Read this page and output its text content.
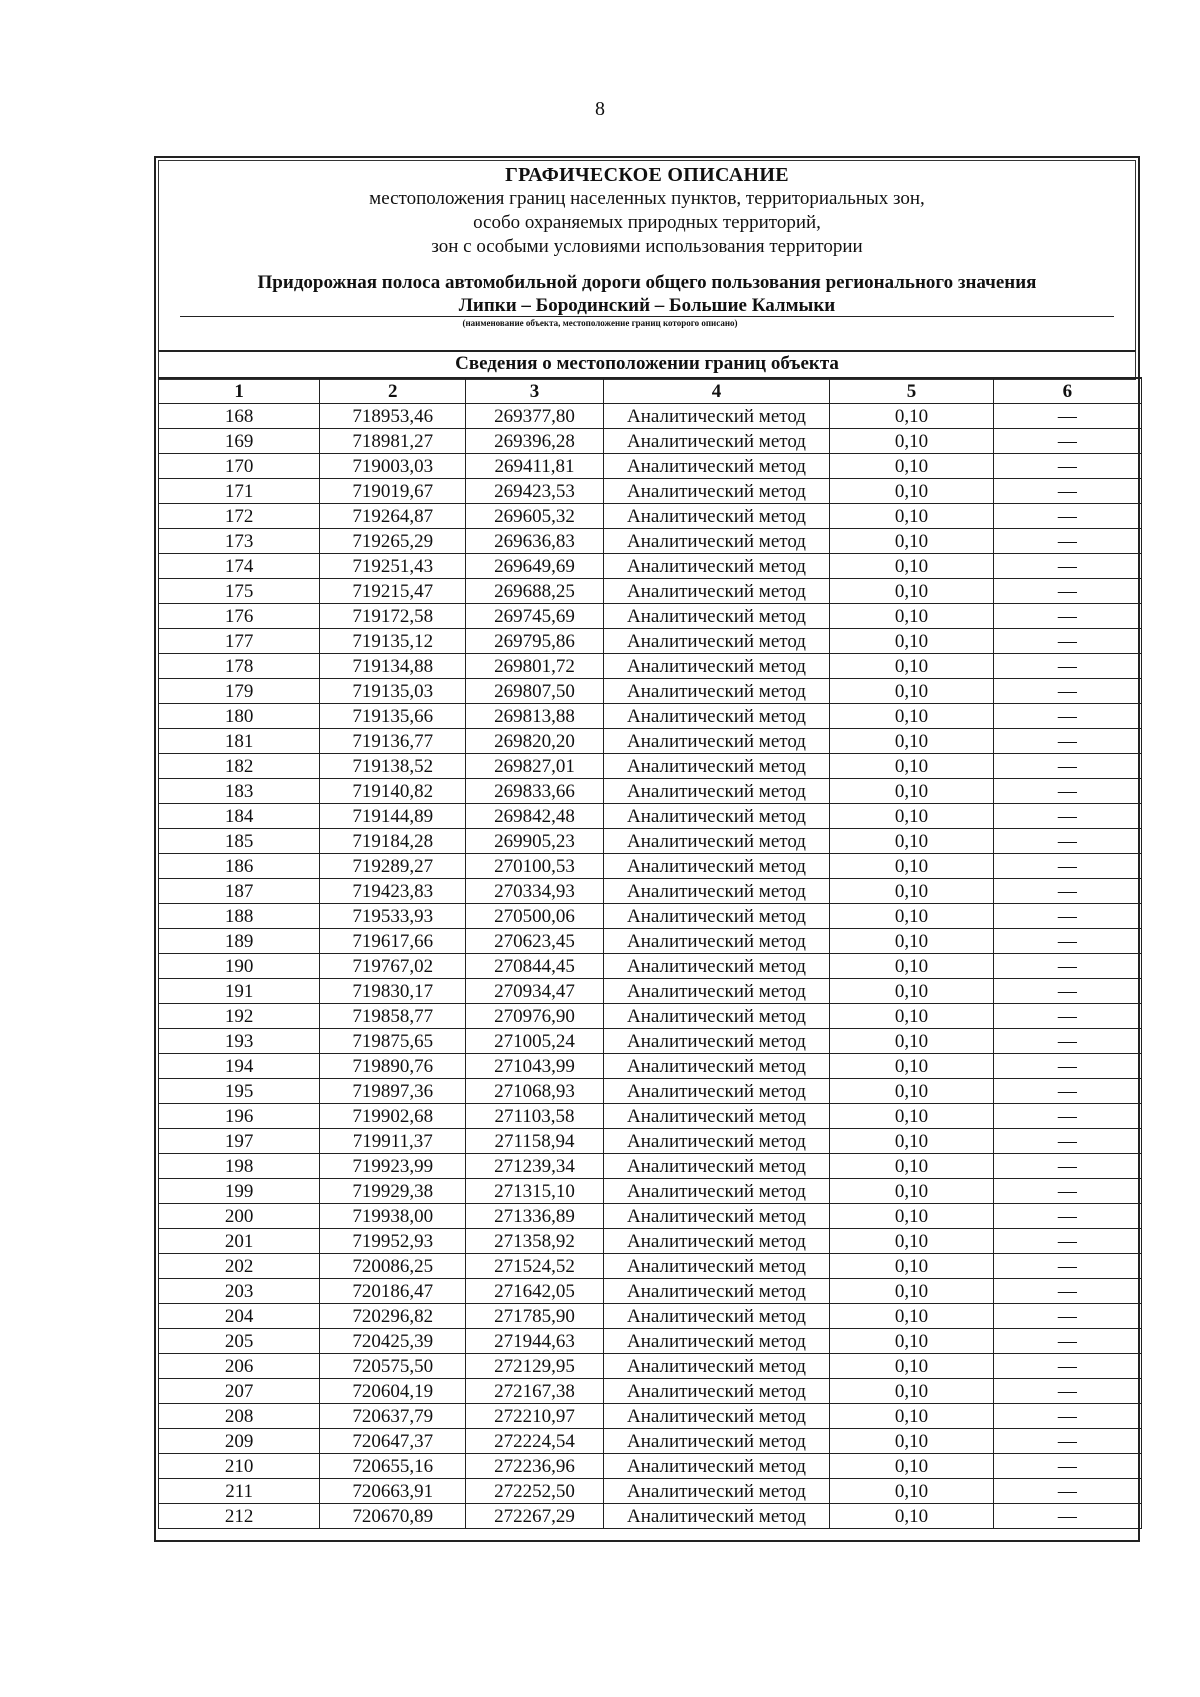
8
ГРАФИЧЕСКОЕ ОПИСАНИЕ
местоположения границ населенных пунктов, территориальных зон,
особо охраняемых природных территорий,
зон с особыми условиями использования территории
Придорожная полоса автомобильной дороги общего пользования регионального значения
Липки – Бородинский – Большие Калмыки
(наименование объекта, местоположение границ которого описано)
Сведения о местоположении границ объекта
1	2	3	4	5	6
168	718953,46	269377,80	Аналитический метод	0,10	—
169	718981,27	269396,28	Аналитический метод	0,10	—
170	719003,03	269411,81	Аналитический метод	0,10	—
171	719019,67	269423,53	Аналитический метод	0,10	—
172	719264,87	269605,32	Аналитический метод	0,10	—
173	719265,29	269636,83	Аналитический метод	0,10	—
174	719251,43	269649,69	Аналитический метод	0,10	—
175	719215,47	269688,25	Аналитический метод	0,10	—
176	719172,58	269745,69	Аналитический метод	0,10	—
177	719135,12	269795,86	Аналитический метод	0,10	—
178	719134,88	269801,72	Аналитический метод	0,10	—
179	719135,03	269807,50	Аналитический метод	0,10	—
180	719135,66	269813,88	Аналитический метод	0,10	—
181	719136,77	269820,20	Аналитический метод	0,10	—
182	719138,52	269827,01	Аналитический метод	0,10	—
183	719140,82	269833,66	Аналитический метод	0,10	—
184	719144,89	269842,48	Аналитический метод	0,10	—
185	719184,28	269905,23	Аналитический метод	0,10	—
186	719289,27	270100,53	Аналитический метод	0,10	—
187	719423,83	270334,93	Аналитический метод	0,10	—
188	719533,93	270500,06	Аналитический метод	0,10	—
189	719617,66	270623,45	Аналитический метод	0,10	—
190	719767,02	270844,45	Аналитический метод	0,10	—
191	719830,17	270934,47	Аналитический метод	0,10	—
192	719858,77	270976,90	Аналитический метод	0,10	—
193	719875,65	271005,24	Аналитический метод	0,10	—
194	719890,76	271043,99	Аналитический метод	0,10	—
195	719897,36	271068,93	Аналитический метод	0,10	—
196	719902,68	271103,58	Аналитический метод	0,10	—
197	719911,37	271158,94	Аналитический метод	0,10	—
198	719923,99	271239,34	Аналитический метод	0,10	—
199	719929,38	271315,10	Аналитический метод	0,10	—
200	719938,00	271336,89	Аналитический метод	0,10	—
201	719952,93	271358,92	Аналитический метод	0,10	—
202	720086,25	271524,52	Аналитический метод	0,10	—
203	720186,47	271642,05	Аналитический метод	0,10	—
204	720296,82	271785,90	Аналитический метод	0,10	—
205	720425,39	271944,63	Аналитический метод	0,10	—
206	720575,50	272129,95	Аналитический метод	0,10	—
207	720604,19	272167,38	Аналитический метод	0,10	—
208	720637,79	272210,97	Аналитический метод	0,10	—
209	720647,37	272224,54	Аналитический метод	0,10	—
210	720655,16	272236,96	Аналитический метод	0,10	—
211	720663,91	272252,50	Аналитический метод	0,10	—
212	720670,89	272267,29	Аналитический метод	0,10	—
